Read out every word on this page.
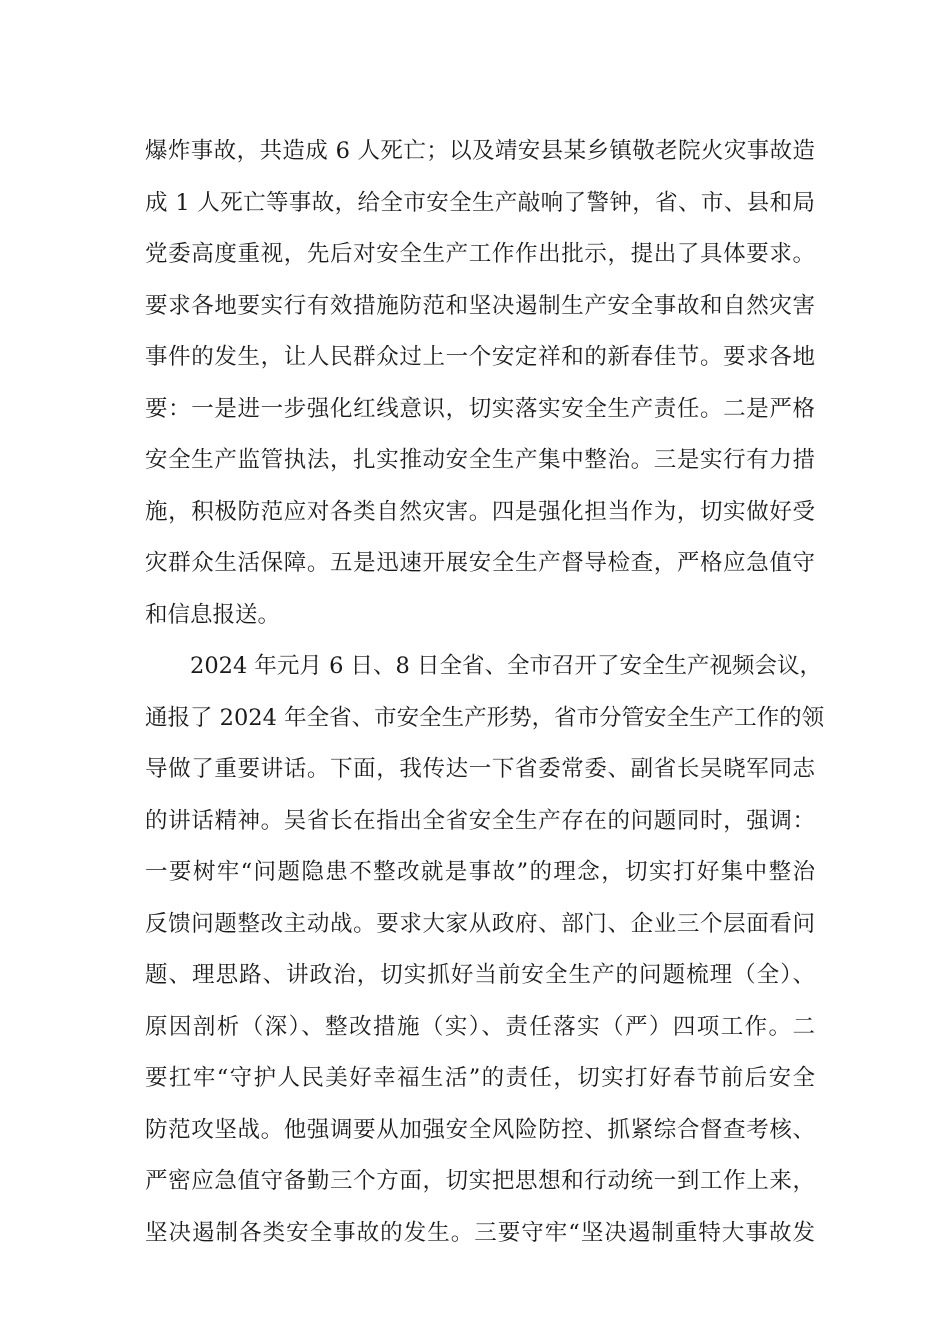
爆炸事故，共造成 6 人死亡；以及靖安县某乡镇敬老院火灾事故造
成 1 人死亡等事故，给全市安全生产敲响了警钟，省、市、县和局
党委高度重视，先后对安全生产工作作出批示，提出了具体要求。
要求各地要实行有效措施防范和坚决遏制生产安全事故和自然灾害
事件的发生，让人民群众过上一个安定祥和的新春佳节。要求各地
要：一是进一步强化红线意识，切实落实安全生产责任。二是严格
安全生产监管执法，扎实推动安全生产集中整治。三是实行有力措
施，积极防范应对各类自然灾害。四是强化担当作为，切实做好受
灾群众生活保障。五是迅速开展安全生产督导检查，严格应急值守
和信息报送。
2024 年元月 6 日、8 日全省、全市召开了安全生产视频会议，
通报了 2024 年全省、市安全生产形势，省市分管安全生产工作的领
导做了重要讲话。下面，我传达一下省委常委、副省长吴晓军同志
的讲话精神。吴省长在指出全省安全生产存在的问题同时，强调：
一要树牢“问题隐患不整改就是事故”的理念，切实打好集中整治
反馈问题整改主动战。要求大家从政府、部门、企业三个层面看问
题、理思路、讲政治，切实抓好当前安全生产的问题梳理（全）、
原因剖析（深）、整改措施（实）、责任落实（严）四项工作。二
要扛牢“守护人民美好幸福生活”的责任，切实打好春节前后安全
防范攻坚战。他强调要从加强安全风险防控、抓紧综合督查考核、
严密应急值守备勤三个方面，切实把思想和行动统一到工作上来，
坚决遏制各类安全事故的发生。三要守牢“坚决遏制重特大事故发
